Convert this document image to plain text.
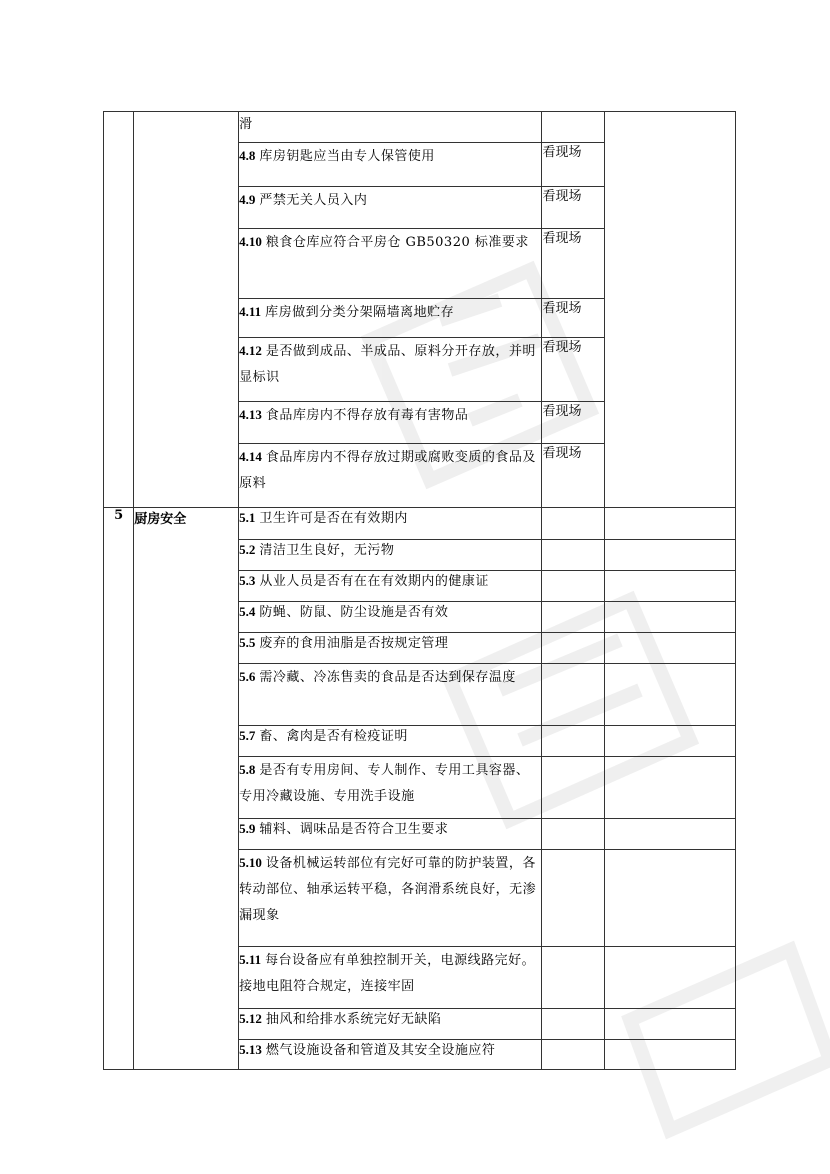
		滑		
		4.8 库房钥匙应当由专人保管使用	看现场	
		4.9 严禁无关人员入内	看现场	
		4.10 粮食仓库应符合平房仓 GB50320 标准要求	看现场	
		4.11 库房做到分类分架隔墙离地贮存	看现场	
		4.12 是否做到成品、半成品、原料分开存放，并明显标识	看现场	
		4.13 食品库房内不得存放有毒有害物品	看现场	
		4.14 食品库房内不得存放过期或腐败变质的食品及原料	看现场	
5	厨房安全	5.1 卫生许可是否在有效期内		
		5.2 清洁卫生良好，无污物		
		5.3 从业人员是否有在在有效期内的健康证		
		5.4 防蝇、防鼠、防尘设施是否有效		
		5.5 废弃的食用油脂是否按规定管理		
		5.6 需冷藏、冷冻售卖的食品是否达到保存温度		
		5.7 畜、禽肉是否有检疫证明		
		5.8 是否有专用房间、专人制作、专用工具容器、专用冷藏设施、专用洗手设施		
		5.9 辅料、调味品是否符合卫生要求		
		5.10 设备机械运转部位有完好可靠的防护装置，各转动部位、轴承运转平稳，各润滑系统良好，无渗漏现象		
		5.11 每台设备应有单独控制开关，电源线路完好。接地电阻符合规定，连接牢固		
		5.12 抽风和给排水系统完好无缺陷		
		5.13 燃气设施设备和管道及其安全设施应符		
